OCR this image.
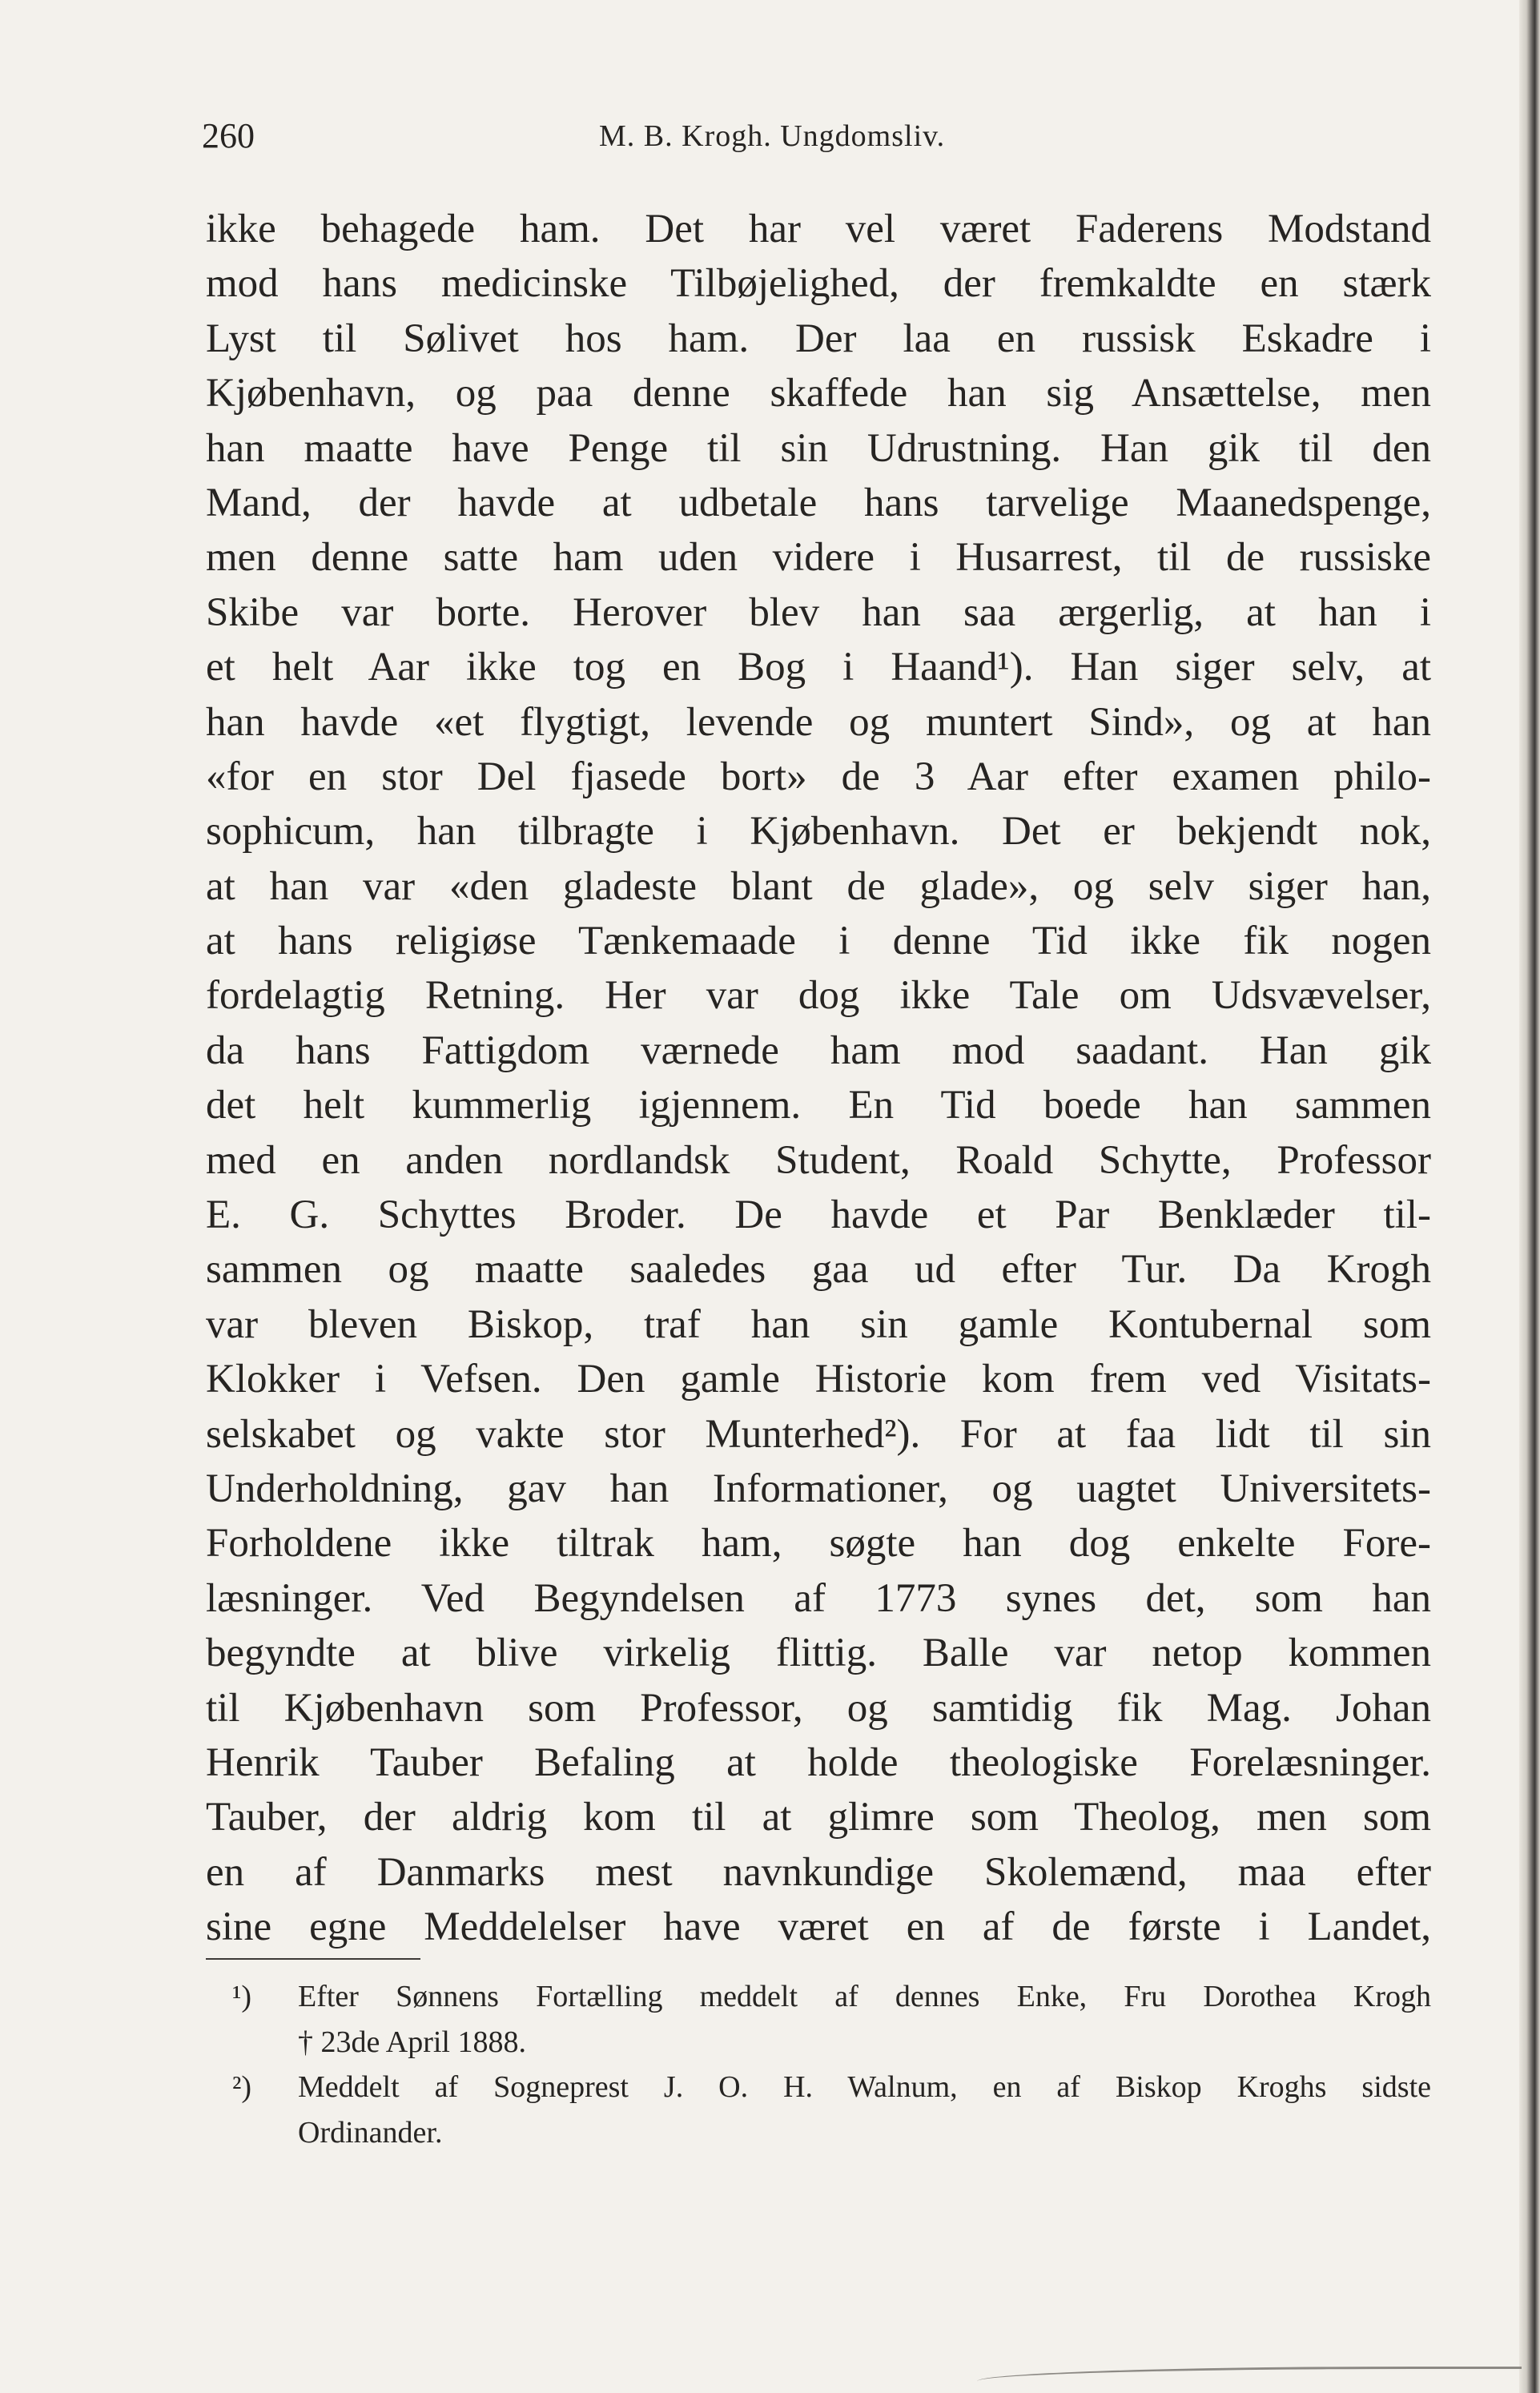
260	M. B. Krogh. Ungdomsliv.
ikke behagede ham. Det har vel været Faderens Modstand
mod hans medicinske Tilbøjelighed, der fremkaldte en stærk
Lyst til Sølivet hos ham. Der laa en russisk Eskadre i
Kjøbenhavn, og paa denne skaffede han sig Ansættelse, men
han maatte have Penge til sin Udrustning. Han gik til den
Mand, der havde at udbetale hans tarvelige Maanedspenge,
men denne satte ham uden videre i Husarrest, til de russiske
Skibe var borte. Herover blev han saa ærgerlig, at han i
et helt Aar ikke tog en Bog i Haand¹). Han siger selv, at
han havde «et flygtigt, levende og muntert Sind», og at han
«for en stor Del fjasede bort» de 3 Aar efter examen philo-
sophicum, han tilbragte i Kjøbenhavn. Det er bekjendt nok,
at han var «den gladeste blant de glade», og selv siger han,
at hans religiøse Tænkemaade i denne Tid ikke fik nogen
fordelagtig Retning. Her var dog ikke Tale om Udsvævelser,
da hans Fattigdom værnede ham mod saadant. Han gik
det helt kummerlig igjennem. En Tid boede han sammen
med en anden nordlandsk Student, Roald Schytte, Professor
E. G. Schyttes Broder. De havde et Par Benklæder til-
sammen og maatte saaledes gaa ud efter Tur. Da Krogh
var bleven Biskop, traf han sin gamle Kontubernal som
Klokker i Vefsen. Den gamle Historie kom frem ved Visitats-
selskabet og vakte stor Munterhed²). For at faa lidt til sin
Underholdning, gav han Informationer, og uagtet Universitets-
Forholdene ikke tiltrak ham, søgte han dog enkelte Fore-
læsninger. Ved Begyndelsen af 1773 synes det, som han
begyndte at blive virkelig flittig. Balle var netop kommen
til Kjøbenhavn som Professor, og samtidig fik Mag. Johan
Henrik Tauber Befaling at holde theologiske Forelæsninger.
Tauber, der aldrig kom til at glimre som Theolog, men som
en af Danmarks mest navnkundige Skolemænd, maa efter
sine egne Meddelelser have været en af de første i Landet,
¹) Efter Sønnens Fortælling meddelt af dennes Enke, Fru Dorothea Krogh
† 23de April 1888.
²) Meddelt af Sogneprest J. O. H. Walnum, en af Biskop Kroghs sidste
Ordinander.
